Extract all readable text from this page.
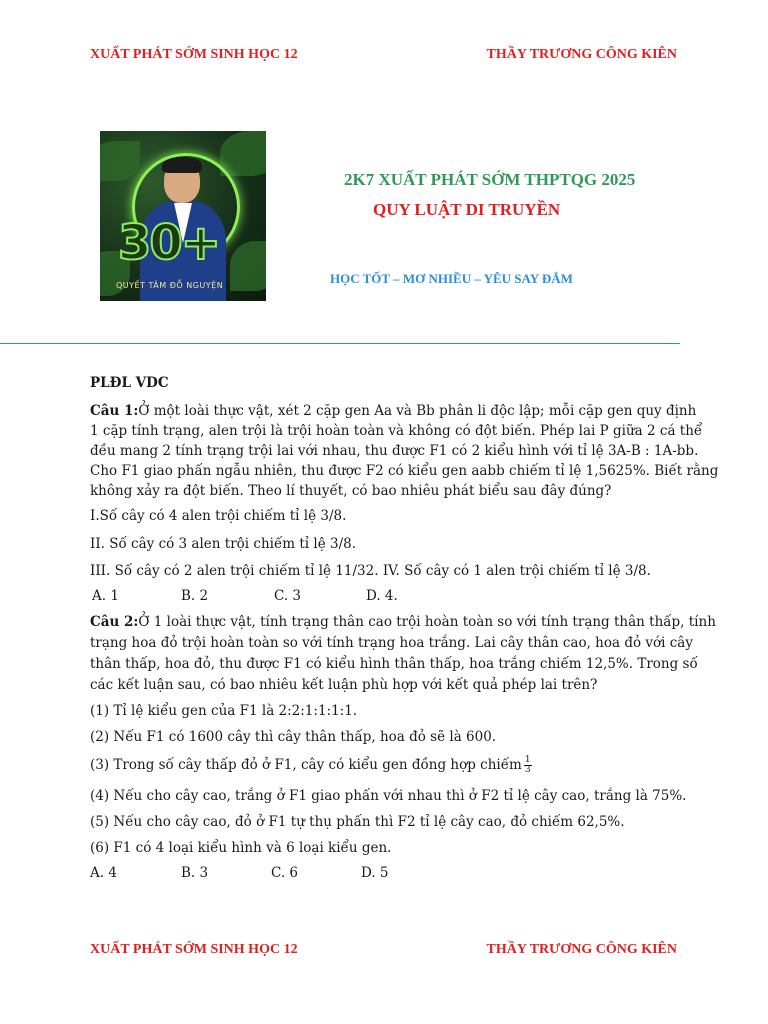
XUẤT PHÁT SỚM SINH HỌC 12	THẦY TRƯƠNG CÔNG KIÊN
30+
QUYẾT TÂM ĐỖ NGUYỆN
2K7 XUẤT PHÁT SỚM THPTQG 2025
QUY LUẬT DI TRUYỀN
HỌC TỐT – MƠ NHIỀU – YÊU SAY ĐẮM
PLĐL VDC
Câu 1:Ở một loài thực vật, xét 2 cặp gen Aa và Bb phân li độc lập; mỗi cặp gen quy định
1 cặp tính trạng, alen trội là trội hoàn toàn và không có đột biến. Phép lai P giữa 2 cá thể
đều mang 2 tính trạng trội lai với nhau, thu được F1 có 2 kiểu hình với tỉ lệ 3A-B : 1A-bb.
Cho F1 giao phấn ngẫu nhiên, thu được F2 có kiểu gen aabb chiếm tỉ lệ 1,5625%. Biết rằng
không xảy ra đột biến. Theo lí thuyết, có bao nhiêu phát biểu sau đây đúng?
I.Số cây có 4 alen trội chiếm tỉ lệ 3/8.
II. Số cây có 3 alen trội chiếm tỉ lệ 3/8.
III. Số cây có 2 alen trội chiếm tỉ lệ 11/32. IV. Số cây có 1 alen trội chiếm tỉ lệ 3/8.
A. 1	B. 2	C. 3	D. 4.
Câu 2:Ở 1 loài thực vật, tính trạng thân cao trội hoàn toàn so với tính trạng thân thấp, tính
trạng hoa đỏ trội hoàn toàn so với tính trạng hoa trắng. Lai cây thân cao, hoa đỏ với cây
thân thấp, hoa đỏ, thu được F1 có kiểu hình thân thấp, hoa trắng chiếm 12,5%. Trong số
các kết luận sau, có bao nhiêu kết luận phù hợp với kết quả phép lai trên?
(1) Tỉ lệ kiểu gen của F1 là 2:2:1:1:1:1.
(2) Nếu F1 có 1600 cây thì cây thân thấp, hoa đỏ sẽ là 600.
(3) Trong số cây thấp đỏ ở F1, cây có kiểu gen đồng hợp chiếm $\frac{1}{3}$
(4) Nếu cho cây cao, trắng ở F1 giao phấn với nhau thì ở F2 tỉ lệ cây cao, trắng là 75%.
(5) Nếu cho cây cao, đỏ ở F1 tự thụ phấn thì F2 tỉ lệ cây cao, đỏ chiếm 62,5%.
(6) F1 có 4 loại kiểu hình và 6 loại kiểu gen.
A. 4	B. 3	C. 6	D. 5
XUẤT PHÁT SỚM SINH HỌC 12	THẦY TRƯƠNG CÔNG KIÊN
